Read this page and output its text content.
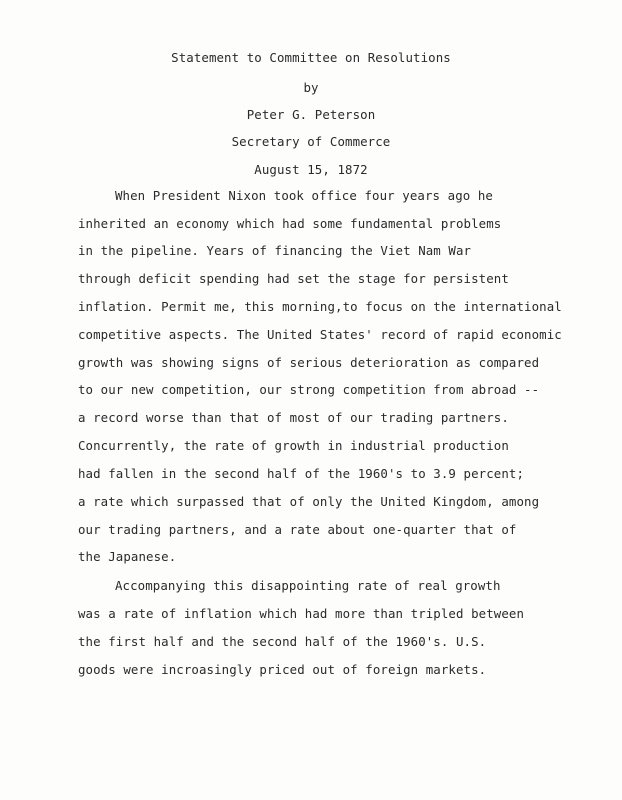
Statement to Committee on Resolutions
by
Peter G. Peterson
Secretary of Commerce
August 15, 1872
When President Nixon took office four years ago he
inherited an economy which had some fundamental problems
in the pipeline. Years of financing the Viet Nam War
through deficit spending had set the stage for persistent
inflation. Permit me, this morning,to focus on the international
competitive aspects. The United States' record of rapid economic
growth was showing signs of serious deterioration as compared
to our new competition, our strong competition from abroad --
a record worse than that of most of our trading partners.
Concurrently, the rate of growth in industrial production
had fallen in the second half of the 1960's to 3.9 percent;
a rate which surpassed that of only the United Kingdom, among
our trading partners, and a rate about one-quarter that of
the Japanese.
Accompanying this disappointing rate of real growth
was a rate of inflation which had more than tripled between
the first half and the second half of the 1960's. U.S.
goods were incroasingly priced out of foreign markets.
